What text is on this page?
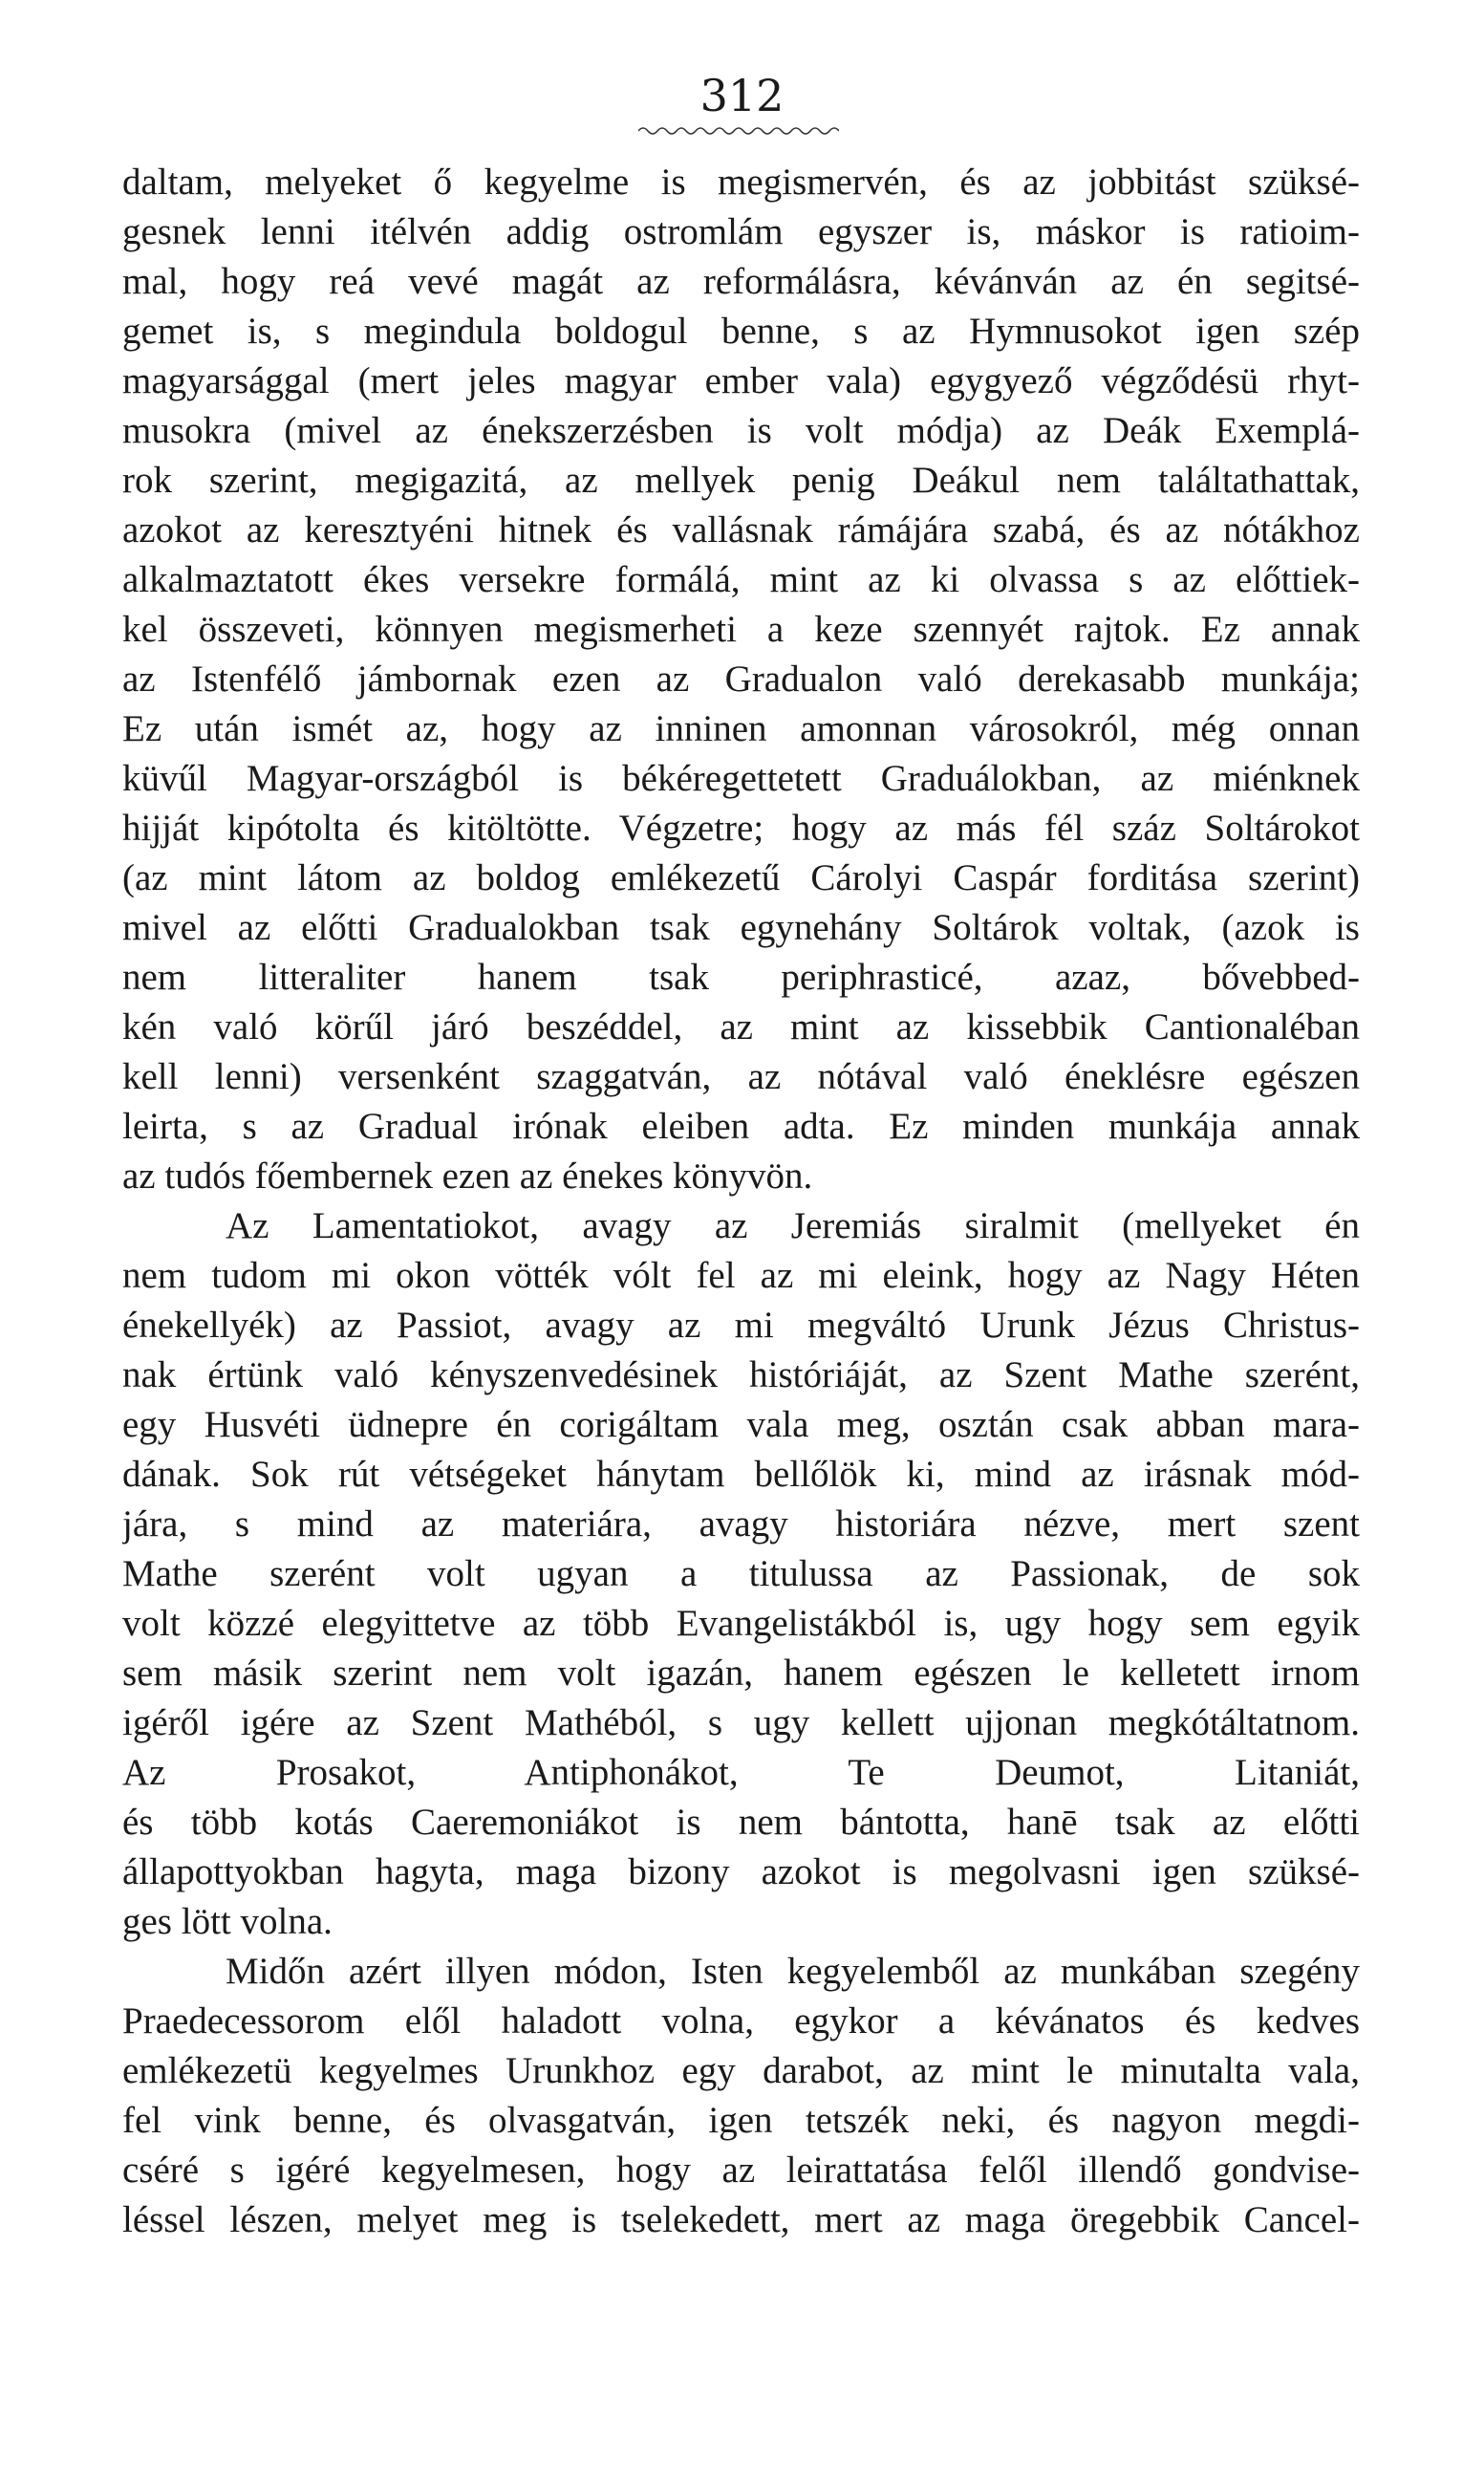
312
daltam, melyeket ő kegyelme is megismervén, és az jobbitást szüksé-
gesnek lenni itélvén addig ostromlám egyszer is, máskor is ratioim-
mal, hogy reá vevé magát az reformálásra, kévánván az én segitsé-
gemet is, s megindula boldogul benne, s az Hymnusokot igen szép
magyarsággal (mert jeles magyar ember vala) egygyező végződésü rhyt-
musokra (mivel az énekszerzésben is volt módja) az Deák Exemplá-
rok szerint, megigazitá, az mellyek penig Deákul nem találtathattak,
azokot az keresztyéni hitnek és vallásnak rámájára szabá, és az nótákhoz
alkalmaztatott ékes versekre formálá, mint az ki olvassa s az előttiek-
kel összeveti, könnyen megismerheti a keze szennyét rajtok. Ez annak
az Istenfélő jámbornak ezen az Gradualon való derekasabb munkája;
Ez után ismét az, hogy az inninen amonnan városokról, még onnan
küvűl Magyar-országból is békéregettetett Graduálokban, az miénknek
hijját kipótolta és kitöltötte. Végzetre; hogy az más fél száz Soltárokot
(az mint látom az boldog emlékezetű Cárolyi Caspár forditása szerint)
mivel az előtti Gradualokban tsak egynehány Soltárok voltak, (azok is
nem litteraliter hanem tsak periphrasticé, azaz, bővebbed-
kén való körűl járó beszéddel, az mint az kissebbik Cantionaléban
kell lenni) versenként szaggatván, az nótával való éneklésre egészen
leirta, s az Gradual irónak eleiben adta. Ez minden munkája annak
az tudós főembernek ezen az énekes könyvön.
Az Lamentatiokot, avagy az Jeremiás siralmit (mellyeket én
nem tudom mi okon vötték vólt fel az mi eleink, hogy az Nagy Héten
énekellyék) az Passiot, avagy az mi megváltó Urunk Jézus Christus-
nak értünk való kényszenvedésinek históriáját, az Szent Mathe szerént,
egy Husvéti üdnepre én corigáltam vala meg, osztán csak abban mara-
dának. Sok rút vétségeket hánytam bellőlök ki, mind az irásnak mód-
jára, s mind az materiára, avagy historiára nézve, mert szent
Mathe szerént volt ugyan a titulussa az Passionak, de sok
volt közzé elegyittetve az több Evangelistákból is, ugy hogy sem egyik
sem másik szerint nem volt igazán, hanem egészen le kelletett irnom
igéről igére az Szent Mathéból, s ugy kellett ujjonan megkótáltatnom.
Az Prosakot, Antiphonákot, Te Deumot, Litaniát,
és több kotás Caeremoniákot is nem bántotta, hanē tsak az előtti
állapottyokban hagyta, maga bizony azokot is megolvasni igen szüksé-
ges lött volna.
Midőn azért illyen módon, Isten kegyelemből az munkában szegény
Praedecessorom elől haladott volna, egykor a kévánatos és kedves
emlékezetü kegyelmes Urunkhoz egy darabot, az mint le minutalta vala,
fel vink benne, és olvasgatván, igen tetszék neki, és nagyon megdi-
cséré s igéré kegyelmesen, hogy az leirattatása felől illendő gondvise-
léssel lészen, melyet meg is tselekedett, mert az maga öregebbik Cancel-
